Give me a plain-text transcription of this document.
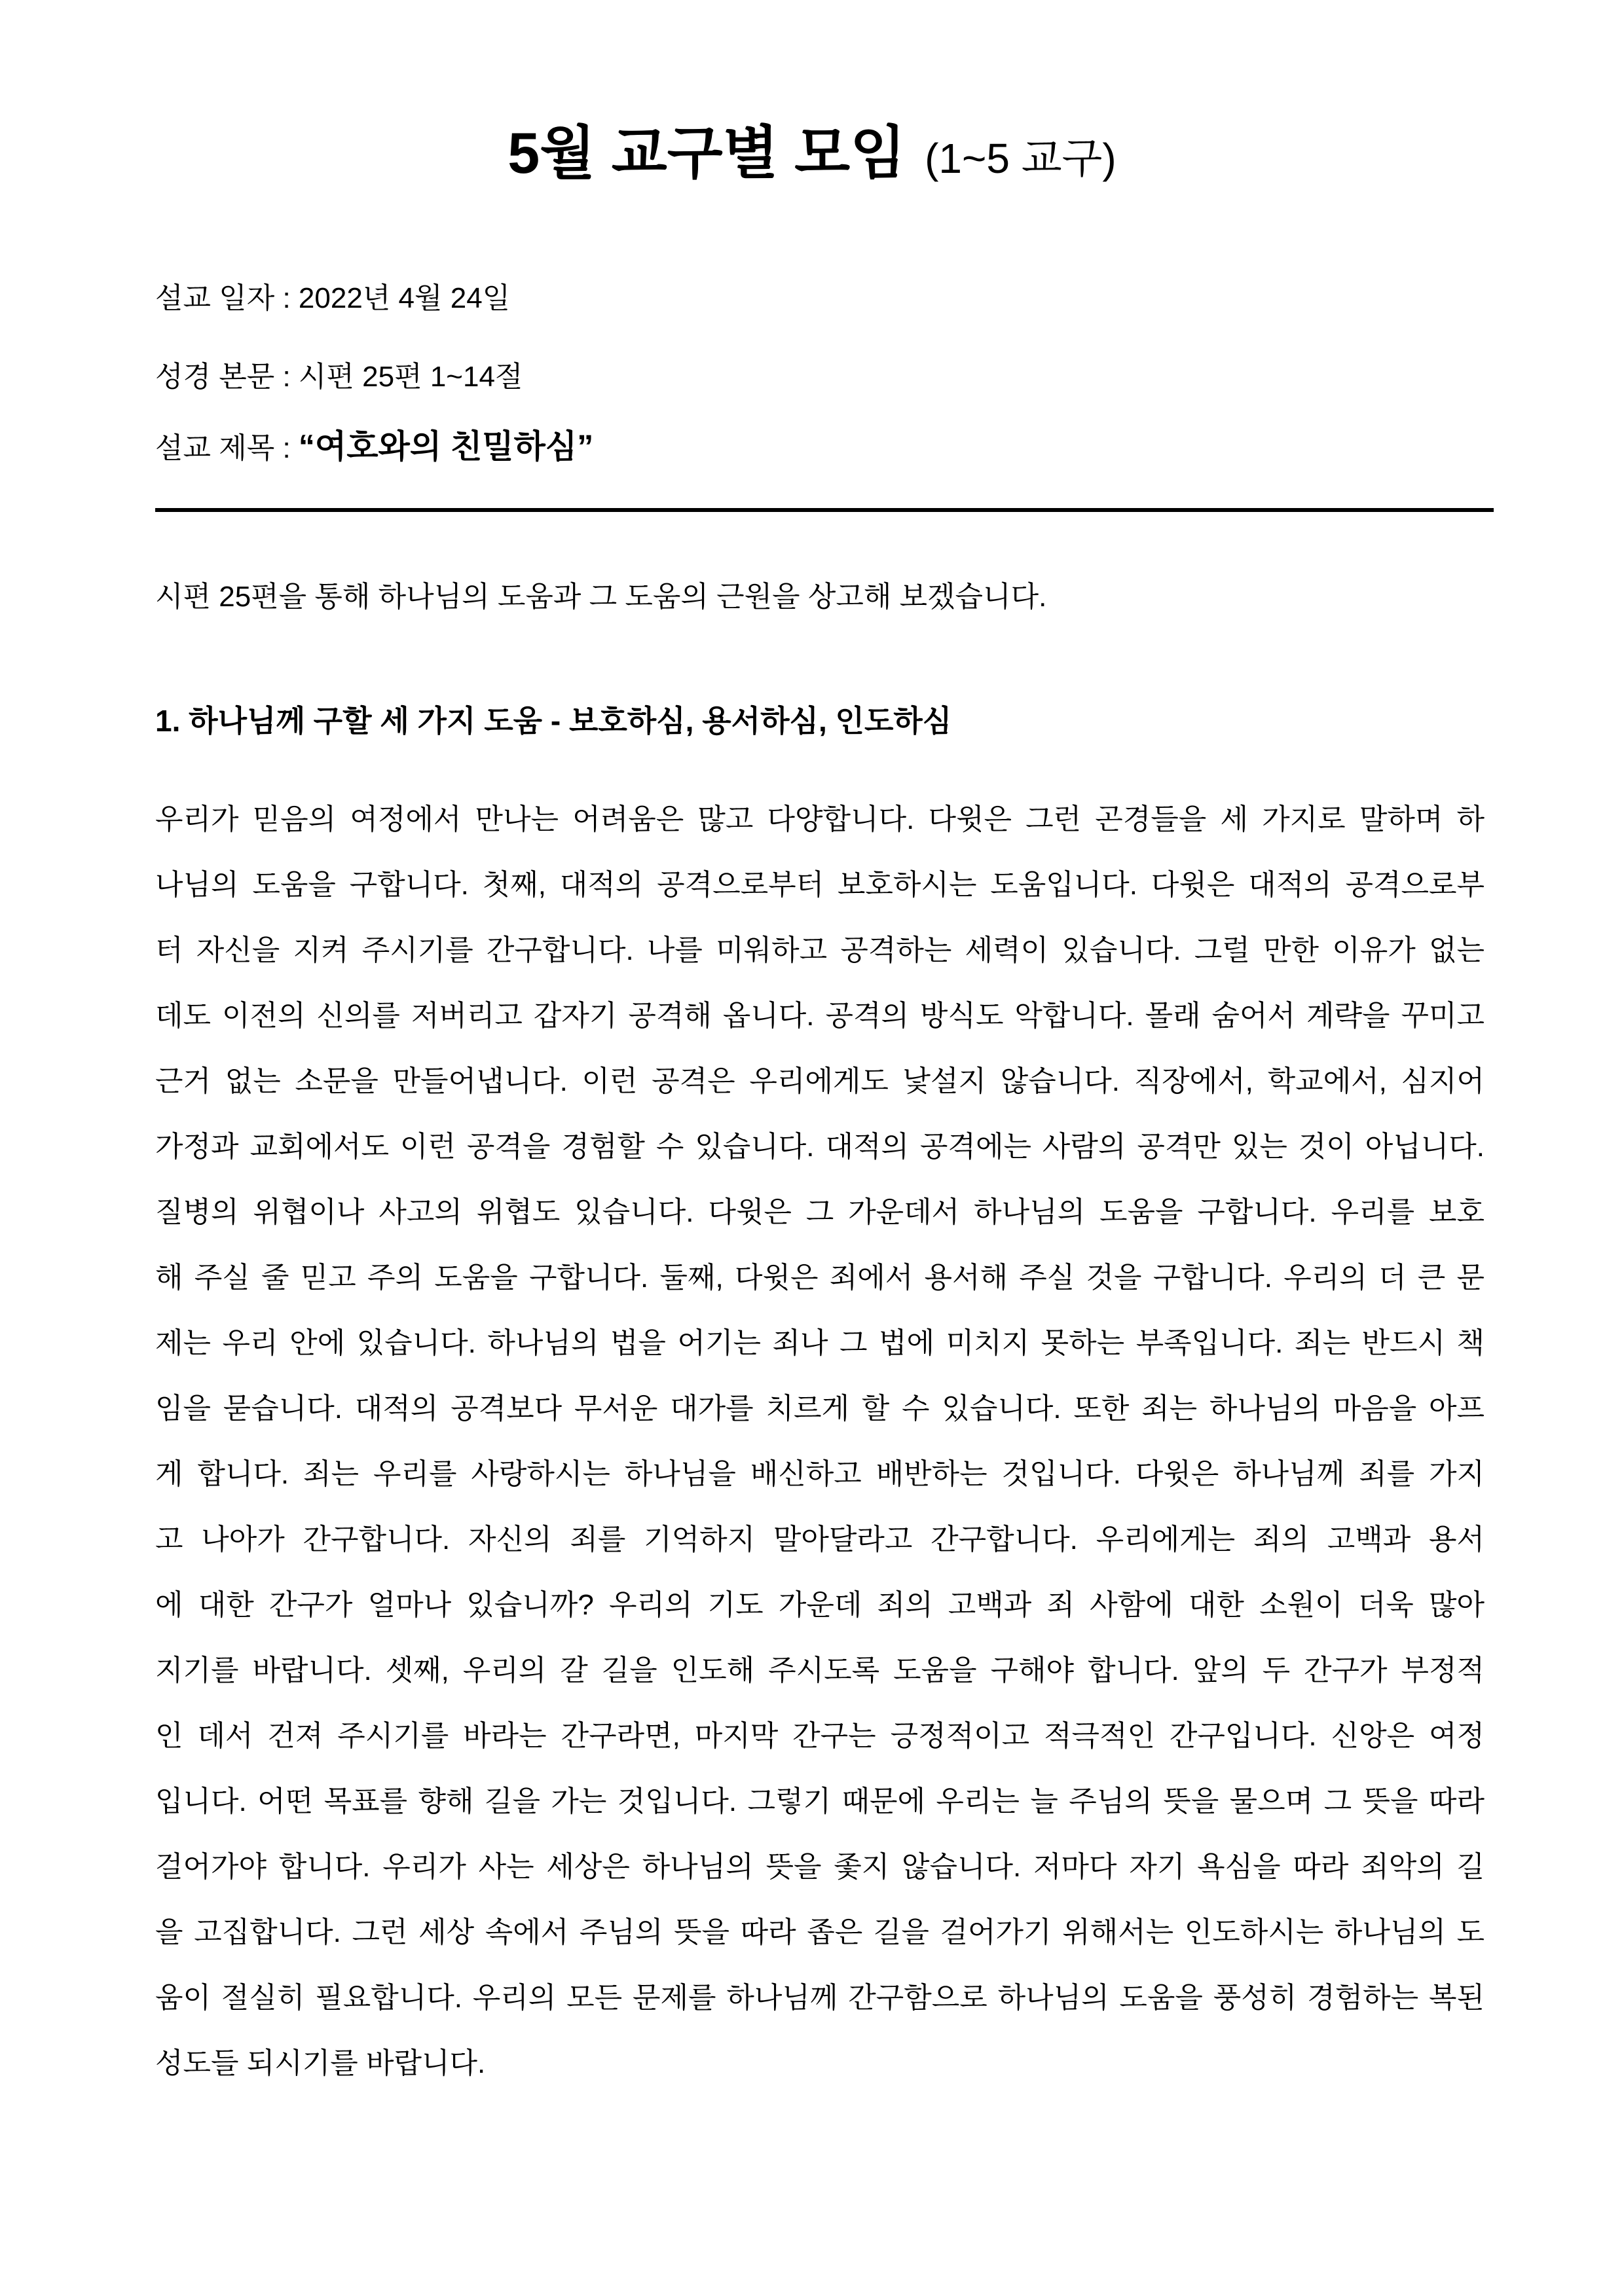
5월 교구별 모임 (1~5 교구)
설교 일자 : 2022년 4월 24일
성경 본문 : 시편 25편 1~14절
설교 제목 : “여호와의 친밀하심”

시편 25편을 통해 하나님의 도움과 그 도움의 근원을 상고해 보겠습니다.

1. 하나님께 구할 세 가지 도움 - 보호하심, 용서하심, 인도하심
우리가 믿음의 여정에서 만나는 어려움은 많고 다양합니다. 다윗은 그런 곤경들을 세 가지로 말하며 하
나님의 도움을 구합니다. 첫째, 대적의 공격으로부터 보호하시는 도움입니다. 다윗은 대적의 공격으로부
터 자신을 지켜 주시기를 간구합니다. 나를 미워하고 공격하는 세력이 있습니다. 그럴 만한 이유가 없는
데도 이전의 신의를 저버리고 갑자기 공격해 옵니다. 공격의 방식도 악합니다. 몰래 숨어서 계략을 꾸미고
근거 없는 소문을 만들어냅니다. 이런 공격은 우리에게도 낯설지 않습니다. 직장에서, 학교에서, 심지어
가정과 교회에서도 이런 공격을 경험할 수 있습니다. 대적의 공격에는 사람의 공격만 있는 것이 아닙니다.
질병의 위협이나 사고의 위협도 있습니다. 다윗은 그 가운데서 하나님의 도움을 구합니다. 우리를 보호
해 주실 줄 믿고 주의 도움을 구합니다. 둘째, 다윗은 죄에서 용서해 주실 것을 구합니다. 우리의 더 큰 문
제는 우리 안에 있습니다. 하나님의 법을 어기는 죄나 그 법에 미치지 못하는 부족입니다. 죄는 반드시 책
임을 묻습니다. 대적의 공격보다 무서운 대가를 치르게 할 수 있습니다. 또한 죄는 하나님의 마음을 아프
게 합니다. 죄는 우리를 사랑하시는 하나님을 배신하고 배반하는 것입니다. 다윗은 하나님께 죄를 가지
고 나아가 간구합니다. 자신의 죄를 기억하지 말아달라고 간구합니다. 우리에게는 죄의 고백과 용서
에 대한 간구가 얼마나 있습니까? 우리의 기도 가운데 죄의 고백과 죄 사함에 대한 소원이 더욱 많아
지기를 바랍니다. 셋째, 우리의 갈 길을 인도해 주시도록 도움을 구해야 합니다. 앞의 두 간구가 부정적
인 데서 건져 주시기를 바라는 간구라면, 마지막 간구는 긍정적이고 적극적인 간구입니다. 신앙은 여정
입니다. 어떤 목표를 향해 길을 가는 것입니다. 그렇기 때문에 우리는 늘 주님의 뜻을 물으며 그 뜻을 따라
걸어가야 합니다. 우리가 사는 세상은 하나님의 뜻을 좇지 않습니다. 저마다 자기 욕심을 따라 죄악의 길
을 고집합니다. 그런 세상 속에서 주님의 뜻을 따라 좁은 길을 걸어가기 위해서는 인도하시는 하나님의 도
움이 절실히 필요합니다. 우리의 모든 문제를 하나님께 간구함으로 하나님의 도움을 풍성히 경험하는 복된
성도들 되시기를 바랍니다.
